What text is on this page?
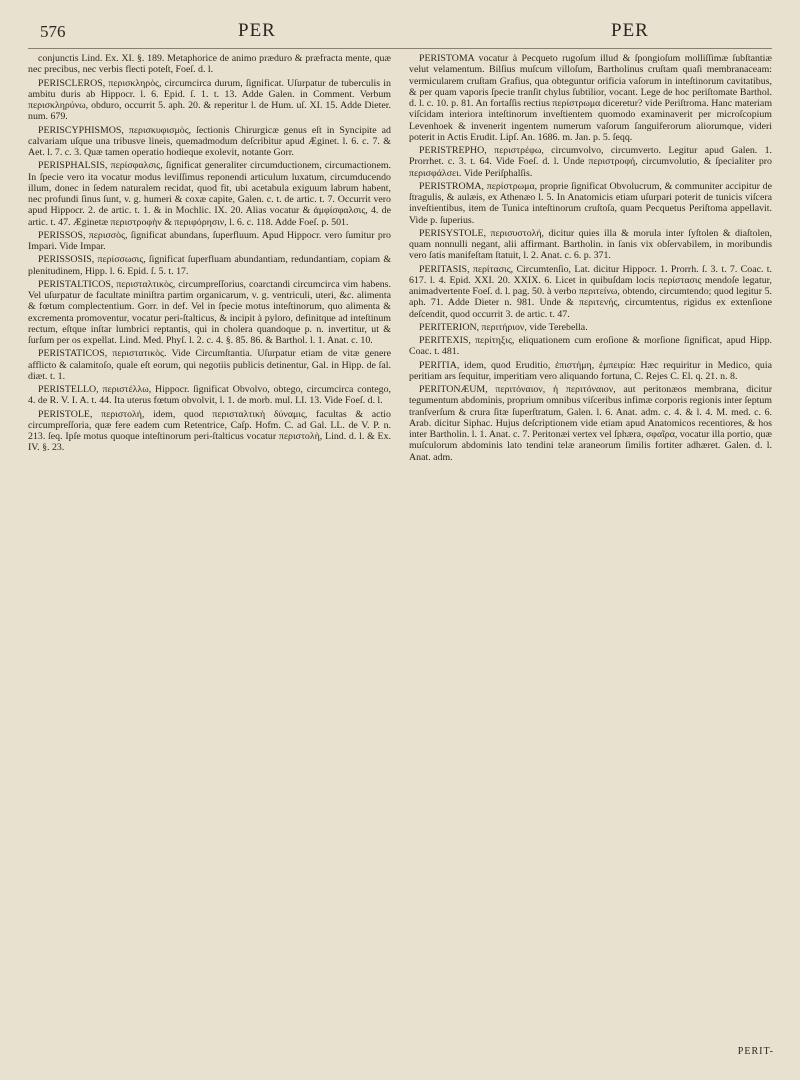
576	PER	PER

conjunctis Lind. Ex. XI. §. 189. Metaphorice de animo præduro & præfracta mente, quæ nec precibus, nec verbis flecti poteſt, Foeſ. d. l.

PERISCLEROS, περισκληρὸς, circumcirca durum, ſignificat. Uſurpatur de tuberculis in ambitu duris ab Hippocr. l. 6. Epid. ſ. 1. t. 13. Adde Galen. in Comment. Verbum περισκληρύνω, obduro, occurrit 5. aph. 20. & reperitur l. de Hum. uſ. XI. 15. Adde Dieter. num. 679.

PERISCYPHISMOS, περισκυφισμὸς, ſectionis Chirurgicæ genus eſt in Syncipite ad calvariam uſque una tribusve lineis, quemadmodum deſcribitur apud Æginet. l. 6. c. 7. & Aet. l. 7. c. 3. Quæ tamen operatio hodieque exolevit, notante Gorr.

PERISPHALSIS, περίσφαλσις, ſignificat generaliter circumductionem, circumactionem. In ſpecie vero ita vocatur modus leviſſimus reponendi articulum luxatum, circumducendo illum, donec in ſedem naturalem recidat, quod fit, ubi acetabula exiguum labrum habent, nec profundi ſinus ſunt, v. g. humeri & coxæ capite, Galen. c. t. de artic. t. 7. Occurrit vero apud Hippocr. 2. de artic. t. 1. & in Mochlic. IX. 20. Alias vocatur & ἀμφίσφαλσις, 4. de artic. t. 47. Æginetæ περιστροφὴν & περιφόρησιν, l. 6. c. 118. Adde Foeſ. p. 501.

PERISSOS, περισσὸς, ſignificat abundans, ſuperfluum. Apud Hippocr. vero ſumitur pro Impari. Vide Impar.

PERISSOSIS, περίσσωσις, ſignificat ſuperfluam abundantiam, redundantiam, copiam & plenitudinem, Hipp. l. 6. Epid. ſ. 5. t. 17.

PERISTALTICOS, περισταλτικὸς, circumpreſſorius, coarctandi circumcirca vim habens. Vel uſurpatur de facultate miniſtra partim organicarum, v. g. ventriculi, uteri, &c. alimenta & fœtum complectentium. Gorr. in def. Vel in ſpecie motus inteſtinorum, quo alimenta & excrementa promoventur, vocatur peri-ſtalticus, & incipit à pyloro, definitque ad inteſtinum rectum, eſtque inſtar lumbrici reptantis, qui in cholera quandoque p. n. invertitur, ut & ſurſum per os expellat. Lind. Med. Phyſ. l. 2. c. 4. §. 85. 86. & Barthol. l. 1. Anat. c. 10.

PERISTATICOS, περιστατικὸς. Vide Circumſtantia. Uſurpatur etiam de vitæ genere afflicto & calamitoſo, quale eſt eorum, qui negotiis publicis detinentur, Gal. in Hipp. de ſal. diæt. t. 1.

PERISTELLO, περιστέλλω, Hippocr. ſignificat Obvolvo, obtego, circumcirca contego, 4. de R. V. I. A. t. 44. Ita uterus fœtum obvolvit, l. 1. de morb. mul. LI. 13. Vide Foeſ. d. l.

PERISTOLE, περιστολή, idem, quod περισταλτικὴ δύναμις, facultas & actio circumpreſſoria, quæ fere eadem cum Retentrice, Caſp. Hofm. C. ad Gal. LL. de V. P. n. 213. ſeq. Ipſe motus quoque inteſtinorum peri-ſtalticus vocatur περιστολὴ, Lind. d. l. & Ex. IV. §. 23.

PERISTOMA vocatur à Pecqueto rugoſum illud & ſpongioſum molliſſimæ ſubſtantiæ velut velamentum. Bilſius muſcum villoſum, Bartholinus cruſtam quaſi membranaceam: vermicularem cruſtam Grafius, qua obteguntur orificia vaſorum in inteſtinorum cavitatibus, & per quam vaporis ſpecie tranſit chylus ſubtilior, vocant. Lege de hoc periſtomate Barthol. d. l. c. 10. p. 81. An fortaſſis rectius περίστρωμα diceretur? vide Periſtroma. Hanc materiam viſcidam interiora inteſtinorum inveſtientem quomodo examinaverit per microſcopium Levenhoek & invenerit ingentem numerum vaſorum ſanguiferorum aliorumque, videri poterit in Actis Erudit. Lipſ. An. 1686. m. Jan. p. 5. ſeqq.

PERISTREPHO, περιστρέφω, circumvolvo, circumverto. Legitur apud Galen. 1. Prorrhet. c. 3. t. 64. Vide Foeſ. d. l. Unde περιστροφή, circumvolutio, & ſpecialiter pro περισφάλσει. Vide Periſphalſis.

PERISTROMA, περίστρωμα, proprie ſignificat Obvolucrum, & communiter accipitur de ſtragulis, & aulæis, ex Athenæo l. 5. In Anatomicis etiam uſurpari poterit de tunicis viſcera inveſtientibus, item de Tunica inteſtinorum cruſtoſa, quam Pecquetus Periſtoma appellavit. Vide p. ſuperius.

PERISYSTOLE, περισυστολή, dicitur quies illa & morula inter ſyſtolen & diaſtolen, quam nonnulli negant, alii affirmant. Bartholin. in ſanis vix obſervabilem, in moribundis vero ſatis manifeſtam ſtatuit, l. 2. Anat. c. 6. p. 371.

PERITASIS, περίτασις, Circumtenſio, Lat. dicitur Hippocr. 1. Prorrh. ſ. 3. t. 7. Coac. t. 617. l. 4. Epid. XXI. 20. XXIX. 6. Licet in quibuſdam locis περίστασις mendoſe legatur, animadvertente Foeſ. d. l. pag. 50. à verbo περιτείνω, obtendo, circumtendo; quod legitur 5. aph. 71. Adde Dieter n. 981. Unde & περιτενής, circumtentus, rigidus ex extenſione deſcendit, quod occurrit 3. de artic. t. 47.

PERITERION, περιτήριον, vide Terebella.

PERITEXIS, περίτηξις, eliquationem cum eroſione & morſione ſignificat, apud Hipp. Coac. t. 481.

PERITIA, idem, quod Eruditio, ἐπιστήμη, ἐμπειρία: Hæc requiritur in Medico, quia peritiam ars ſequitur, imperitiam vero aliquando fortuna, C. Rejes C. El. q. 21. n. 8.

PERITONÆUM, περιτόναιον, ἡ περιτόναιον, aut peritonæos membrana, dicitur tegumentum abdominis, proprium omnibus viſceribus infimæ corporis regionis inter ſeptum tranſverſum & crura ſitæ ſuperſtratum, Galen. l. 6. Anat. adm. c. 4. & l. 4. M. med. c. 6. Arab. dicitur Siphac. Hujus deſcriptionem vide etiam apud Anatomicos recentiores, & hos inter Bartholin. l. 1. Anat. c. 7. Peritonæi vertex vel ſphæra, σφαῖρα, vocatur illa portio, quæ muſculorum abdominis lato tendini telæ araneorum ſimilis fortiter adhæret. Galen. d. l. Anat. adm.

PERIT-
